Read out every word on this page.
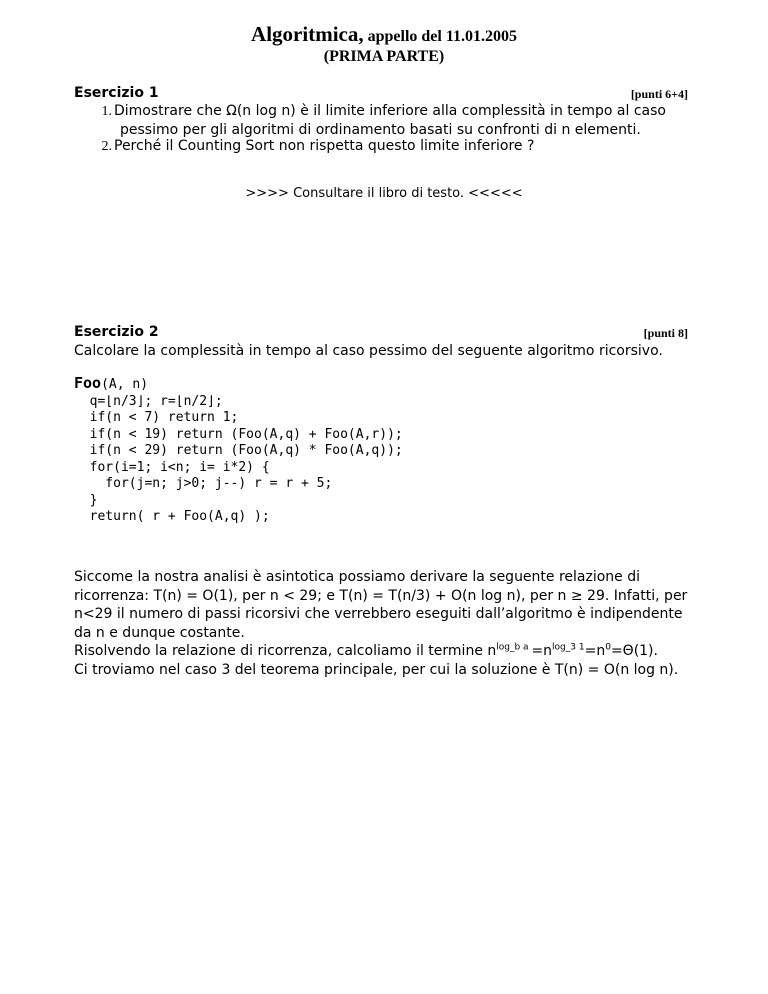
Algoritmica, appello del 11.01.2005
(PRIMA PARTE)
Esercizio 1	[punti 6+4]
1. Dimostrare che Ω(n log n) è il limite inferiore alla complessità in tempo al caso
pessimo per gli algoritmi di ordinamento basati su confronti di n elementi.
2. Perché il Counting Sort non rispetta questo limite inferiore ?
>>>> Consultare il libro di testo. <<<<<
Esercizio 2	[punti 8]
Calcolare la complessità in tempo al caso pessimo del seguente algoritmo ricorsivo.
Foo(A, n)
q=⌊n/3⌋; r=⌊n/2⌋;
if(n < 7) return 1;
if(n < 19) return (Foo(A,q) + Foo(A,r));
if(n < 29) return (Foo(A,q) * Foo(A,q));
for(i=1; i<n; i= i*2) {
for(j=n; j>0; j--) r = r + 5;
}
return( r + Foo(A,q) );

Siccome la nostra analisi è asintotica possiamo derivare la seguente relazione di ricorrenza: T(n) = O(1), per n < 29; e T(n) = T(n/3) + O(n log n), per n ≥ 29. Infatti, per n<29 il numero di passi ricorsivi che verrebbero eseguiti dall’algoritmo è indipendente da n e dunque costante.

Risolvendo la relazione di ricorrenza, calcoliamo il termine $n^{log\_b a} =n^{log\_3 1}=n^0=\Theta(1)$.

Ci troviamo nel caso 3 del teorema principale, per cui la soluzione è T(n) = O(n log n).
